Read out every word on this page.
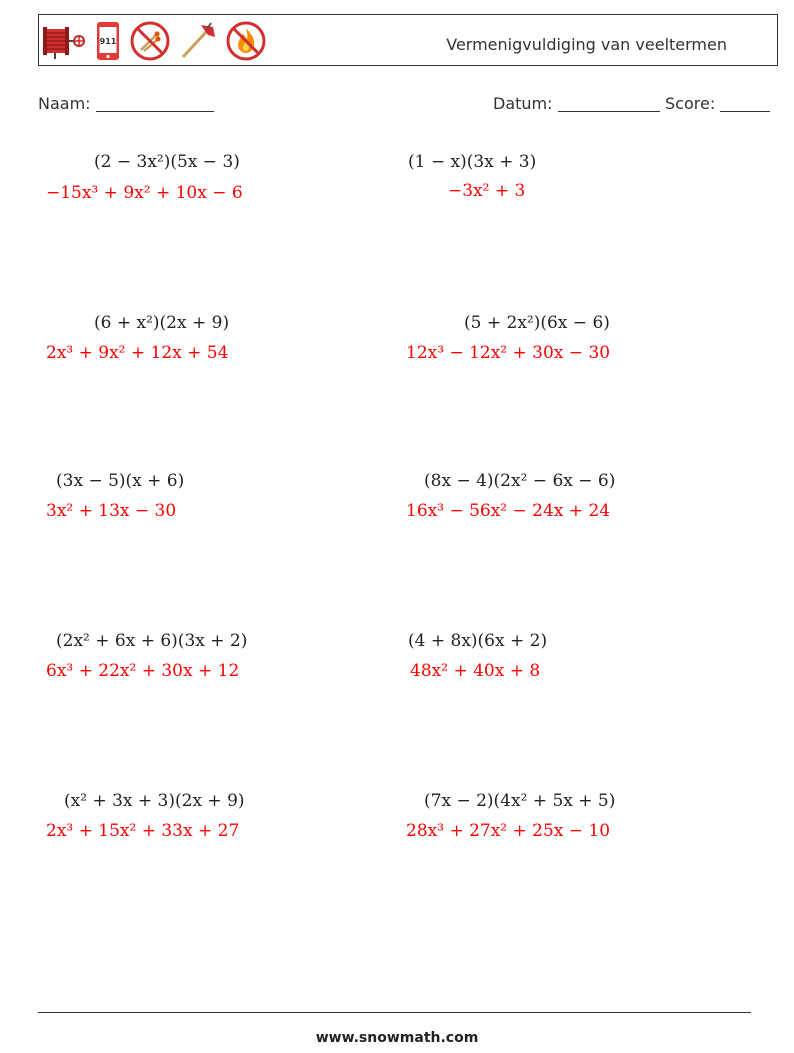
911	Vermenigvuldiging van veeltermen
Naam:	Datum:	Score:
(2 − 3x²)(5x − 3)
−15x³ + 9x² + 10x − 6
(1 − x)(3x + 3)
−3x² + 3
(6 + x²)(2x + 9)
2x³ + 9x² + 12x + 54
(5 + 2x²)(6x − 6)
12x³ − 12x² + 30x − 30
(3x − 5)(x + 6)
3x² + 13x − 30
(8x − 4)(2x² − 6x − 6)
16x³ − 56x² − 24x + 24
(2x² + 6x + 6)(3x + 2)
6x³ + 22x² + 30x + 12
(4 + 8x)(6x + 2)
48x² + 40x + 8
(x² + 3x + 3)(2x + 9)
2x³ + 15x² + 33x + 27
(7x − 2)(4x² + 5x + 5)
28x³ + 27x² + 25x − 10
www.snowmath.com
